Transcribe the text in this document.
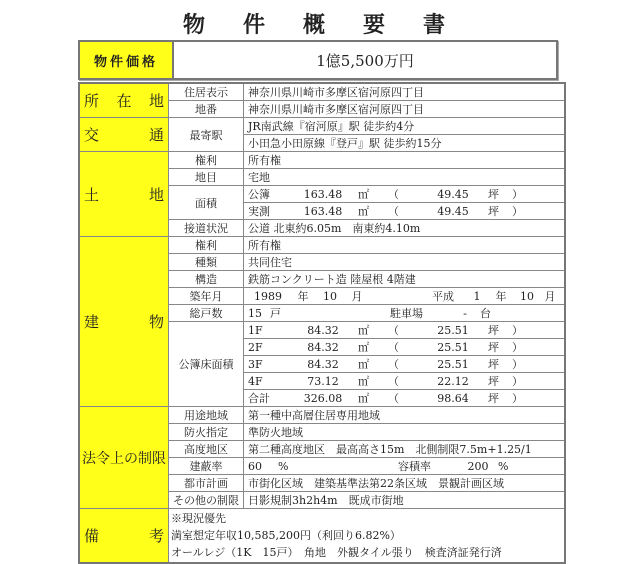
物件概要書
物件価格	1億5,500万円
所在地	住居表示	神奈川県川崎市多摩区宿河原四丁目
	地番	神奈川県川崎市多摩区宿河原四丁目
交通	最寄駅	JR南武線『宿河原』駅 徒歩約4分
		小田急小田原線『登戸』駅 徒歩約15分
土地	権利	所有権
	地目	宅地
	面積	公簿 163.48 ㎡ （ 49.45 坪 ）
		実測 163.48 ㎡ （ 49.45 坪 ）
	接道状況	公道 北東約6.05m　南東約4.10m
建物	権利	所有権
	種類	共同住宅
	構造	鉄筋コンクリート造 陸屋根 4階建
	築年月	1989 年 10 月 平成 1 年 10 月
	総戸数	15 戸 駐車場 - 台
	公簿床面積	1F 84.32 ㎡ （ 25.51 坪 ）
		2F 84.32 ㎡ （ 25.51 坪 ）
		3F 84.32 ㎡ （ 25.51 坪 ）
		4F 73.12 ㎡ （ 22.12 坪 ）
		合計 326.08 ㎡ （ 98.64 坪 ）
法令上の制限	用途地域	第一種中高層住居専用地域
	防火指定	準防火地域
	高度地区	第二種高度地区　最高高さ15m　北側制限7.5m+1.25/1
	建蔽率	60 % 容積率 200 %
	都市計画	市街化区域　建築基準法第22条区域　景観計画区域
	その他の制限	日影規制3h2h4m　既成市街地
備考	※現況優先
満室想定年収10,585,200円（利回り6.82%）
オールレジ（1K　15戸）　角地　外観タイル張り　検査済証発行済	
